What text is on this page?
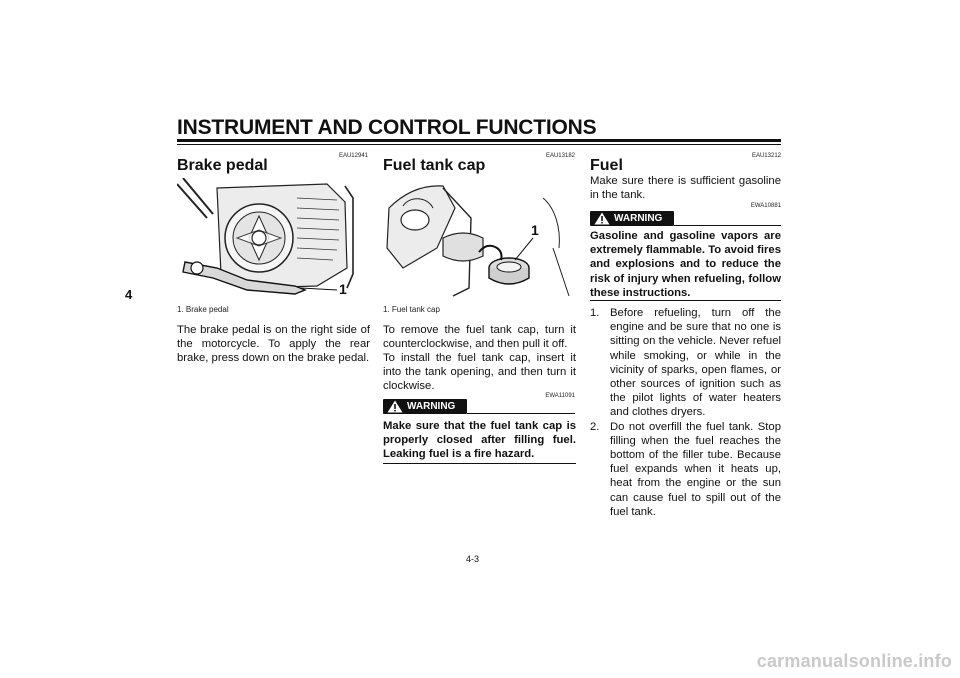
INSTRUMENT AND CONTROL FUNCTIONS
4
EAU12941
Brake pedal
1
1. Brake pedal
The brake pedal is on the right side of the motorcycle. To apply the rear brake, press down on the brake pedal.
EAU13182
Fuel tank cap
1
1. Fuel tank cap
To remove the fuel tank cap, turn it counterclockwise, and then pull it off.
To install the fuel tank cap, insert it into the tank opening, and then turn it clockwise.
EWA11091
WARNING
Make sure that the fuel tank cap is properly closed after filling fuel. Leaking fuel is a fire hazard.
EAU13212
Fuel
Make sure there is sufficient gasoline in the tank.
EWA10881
WARNING
Gasoline and gasoline vapors are extremely flammable. To avoid fires and explosions and to reduce the risk of injury when refueling, follow these instructions.
1. Before refueling, turn off the engine and be sure that no one is sitting on the vehicle. Never refuel while smoking, or while in the vicinity of sparks, open flames, or other sources of ignition such as the pilot lights of water heaters and clothes dryers.
2. Do not overfill the fuel tank. Stop filling when the fuel reaches the bottom of the filler tube. Because fuel expands when it heats up, heat from the engine or the sun can cause fuel to spill out of the fuel tank.
4-3
carmanualsonline.info
